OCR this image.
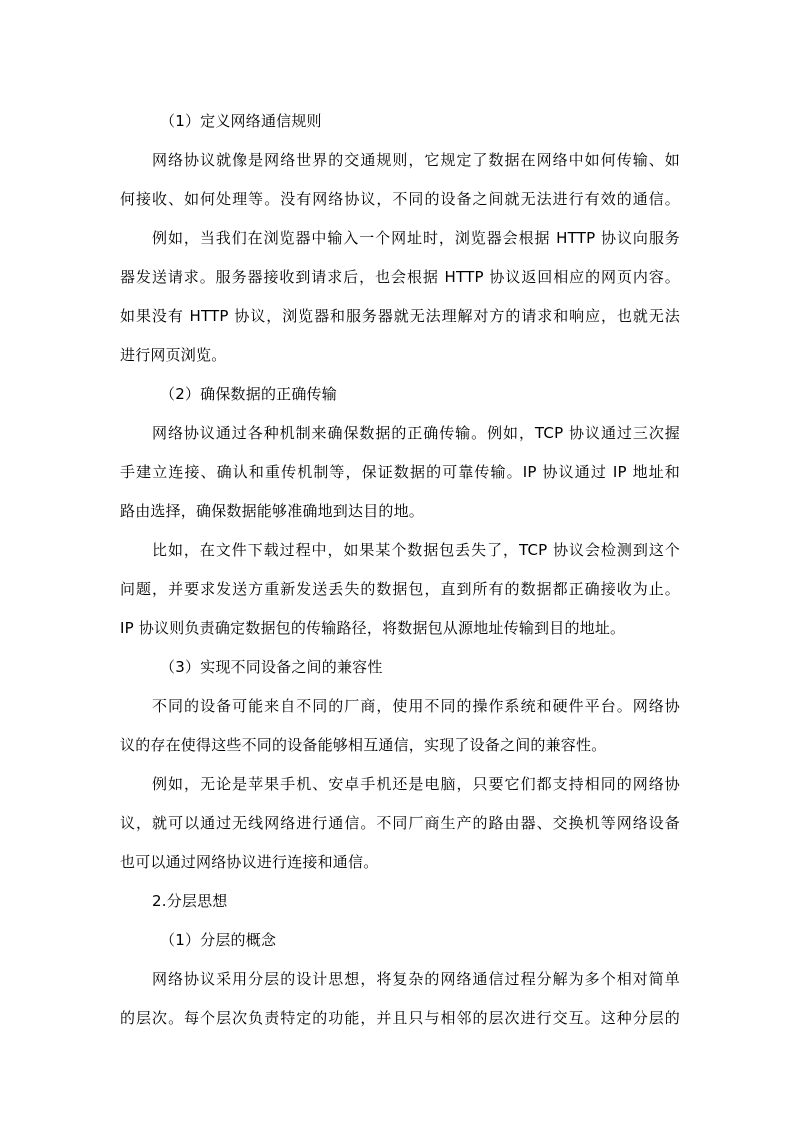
（1）定义网络通信规则
网络协议就像是网络世界的交通规则，它规定了数据在网络中如何传输、如
何接收、如何处理等。没有网络协议，不同的设备之间就无法进行有效的通信。
例如，当我们在浏览器中输入一个网址时，浏览器会根据 HTTP 协议向服务
器发送请求。服务器接收到请求后，也会根据 HTTP 协议返回相应的网页内容。
如果没有 HTTP 协议，浏览器和服务器就无法理解对方的请求和响应，也就无法
进行网页浏览。
（2）确保数据的正确传输
网络协议通过各种机制来确保数据的正确传输。例如，TCP 协议通过三次握
手建立连接、确认和重传机制等，保证数据的可靠传输。IP 协议通过 IP 地址和
路由选择，确保数据能够准确地到达目的地。
比如，在文件下载过程中，如果某个数据包丢失了，TCP 协议会检测到这个
问题，并要求发送方重新发送丢失的数据包，直到所有的数据都正确接收为止。
IP 协议则负责确定数据包的传输路径，将数据包从源地址传输到目的地址。
（3）实现不同设备之间的兼容性
不同的设备可能来自不同的厂商，使用不同的操作系统和硬件平台。网络协
议的存在使得这些不同的设备能够相互通信，实现了设备之间的兼容性。
例如，无论是苹果手机、安卓手机还是电脑，只要它们都支持相同的网络协
议，就可以通过无线网络进行通信。不同厂商生产的路由器、交换机等网络设备
也可以通过网络协议进行连接和通信。
2.分层思想
（1）分层的概念
网络协议采用分层的设计思想，将复杂的网络通信过程分解为多个相对简单
的层次。每个层次负责特定的功能，并且只与相邻的层次进行交互。这种分层的
